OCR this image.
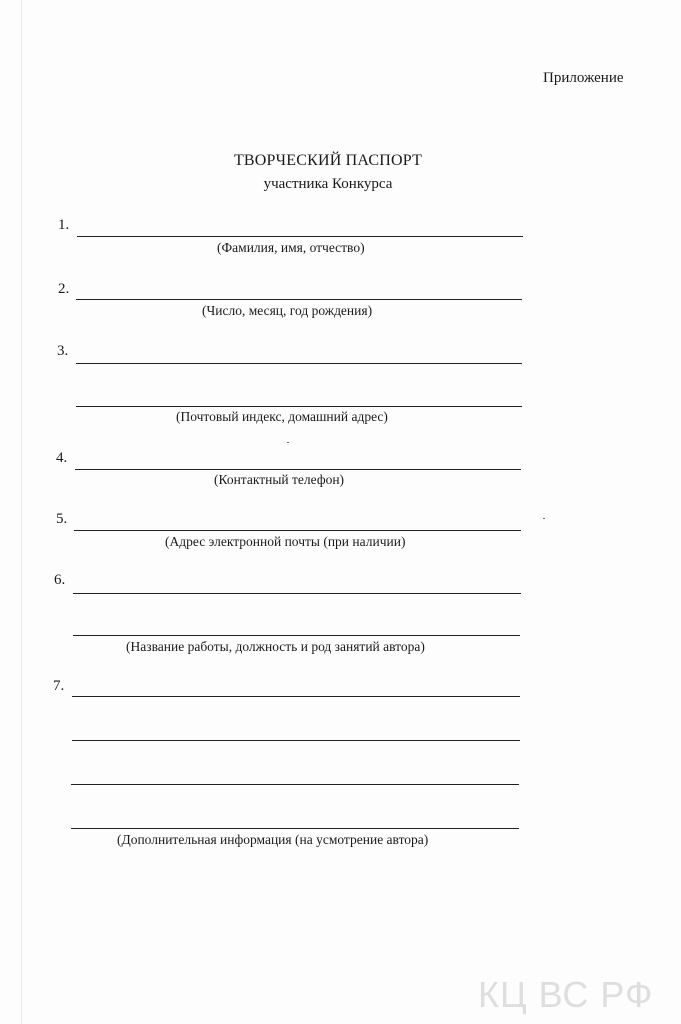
Приложение
ТВОРЧЕСКИЙ ПАСПОРТ
участника Конкурса
1.
(Фамилия, имя, отчество)
2.
(Число, месяц, год рождения)
3.
(Почтовый индекс, домашний адрес)
4.
(Контактный телефон)
5.
(Адрес электронной почты (при наличии)
6.
(Название работы, должность и род занятий автора)
7.
(Дополнительная информация (на усмотрение автора)
КЦ ВС РФ
